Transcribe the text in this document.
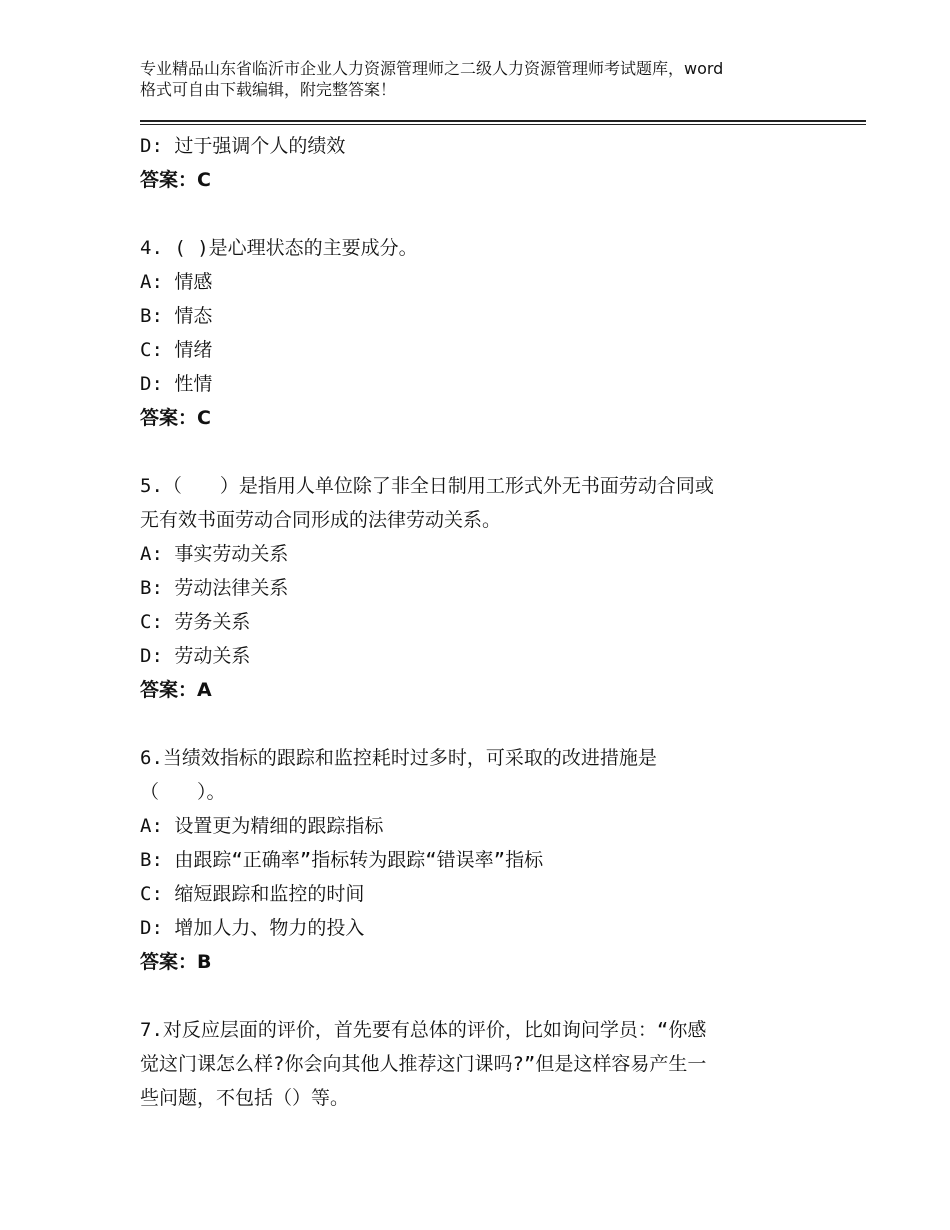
专业精品山东省临沂市企业人力资源管理师之二级人力资源管理师考试题库，word
格式可自由下载编辑，附完整答案！
D: 过于强调个人的绩效
答案：C
4. ( )是心理状态的主要成分。
A: 情感
B: 情态
C: 情绪
D: 性情
答案：C
5.（　　）是指用人单位除了非全日制用工形式外无书面劳动合同或
无有效书面劳动合同形成的法律劳动关系。
A: 事实劳动关系
B: 劳动法律关系
C: 劳务关系
D: 劳动关系
答案：A
6.当绩效指标的跟踪和监控耗时过多时，可采取的改进措施是
（　　）。
A: 设置更为精细的跟踪指标
B: 由跟踪“正确率”指标转为跟踪“错误率”指标
C: 缩短跟踪和监控的时间
D: 增加人力、物力的投入
答案：B
7.对反应层面的评价，首先要有总体的评价，比如询问学员：“你感
觉这门课怎么样?你会向其他人推荐这门课吗?”但是这样容易产生一
些问题，不包括（）等。
